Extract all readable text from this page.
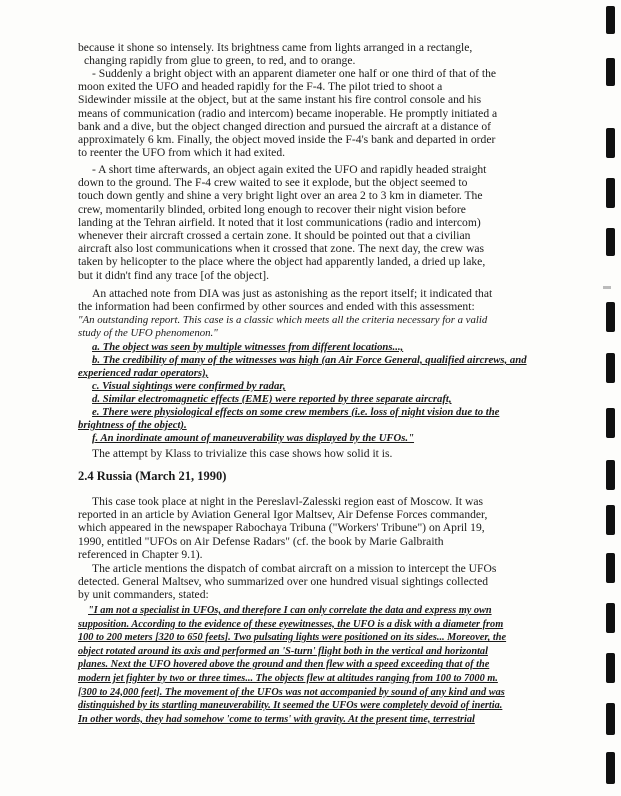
because it shone so intensely. Its brightness came from lights arranged in a rectangle,
changing rapidly from glue to green, to red, and to orange.
- Suddenly a bright object with an apparent diameter one half or one third of that of the
moon exited the UFO and headed rapidly for the F-4. The pilot tried to shoot a
Sidewinder missile at the object, but at the same instant his fire control console and his
means of communication (radio and intercom) became inoperable. He promptly initiated a
bank and a dive, but the object changed direction and pursued the aircraft at a distance of
approximately 6 km. Finally, the object moved inside the F-4's bank and departed in order
to reenter the UFO from which it had exited.
- A short time afterwards, an object again exited the UFO and rapidly headed straight
down to the ground. The F-4 crew waited to see it explode, but the object seemed to
touch down gently and shine a very bright light over an area 2 to 3 km in diameter. The
crew, momentarily blinded, orbited long enough to recover their night vision before
landing at the Tehran airfield. It noted that it lost communications (radio and intercom)
whenever their aircraft crossed a certain zone. It should be pointed out that a civilian
aircraft also lost communications when it crossed that zone. The next day, the crew was
taken by helicopter to the place where the object had apparently landed, a dried up lake,
but it didn't find any trace [of the object].
An attached note from DIA was just as astonishing as the report itself; it indicated that
the information had been confirmed by other sources and ended with this assessment:
"An outstanding report. This case is a classic which meets all the criteria necessary for a valid
study of the UFO phenomenon."
a. The object was seen by multiple witnesses from different locations...,
b. The credibility of many of the witnesses was high (an Air Force General, qualified aircrews, and
experienced radar operators),
c. Visual sightings were confirmed by radar,
d. Similar electromagnetic effects (EME) were reported by three separate aircraft,
e. There were physiological effects on some crew members (i.e. loss of night vision due to the
brightness of the object).
f. An inordinate amount of maneuverability was displayed by the UFOs."
The attempt by Klass to trivialize this case shows how solid it is.
2.4 Russia (March 21, 1990)
This case took place at night in the Pereslavl-Zalesski region east of Moscow. It was
reported in an article by Aviation General Igor Maltsev, Air Defense Forces commander,
which appeared in the newspaper Rabochaya Tribuna ("Workers' Tribune") on April 19,
1990, entitled "UFOs on Air Defense Radars" (cf. the book by Marie Galbraith
referenced in Chapter 9.1).
The article mentions the dispatch of combat aircraft on a mission to intercept the UFOs
detected. General Maltsev, who summarized over one hundred visual sightings collected
by unit commanders, stated:
"I am not a specialist in UFOs, and therefore I can only correlate the data and express my own
supposition. According to the evidence of these eyewitnesses, the UFO is a disk with a diameter from
100 to 200 meters [320 to 650 feets]. Two pulsating lights were positioned on its sides... Moreover, the
object rotated around its axis and performed an 'S-turn' flight both in the vertical and horizontal
planes. Next the UFO hovered above the ground and then flew with a speed exceeding that of the
modern jet fighter by two or three times... The objects flew at altitudes ranging from 100 to 7000 m.
[300 to 24,000 feet]. The movement of the UFOs was not accompanied by sound of any kind and was
distinguished by its startling maneuverability. It seemed the UFOs were completely devoid of inertia.
In other words, they had somehow 'come to terms' with gravity. At the present time, terrestrial
